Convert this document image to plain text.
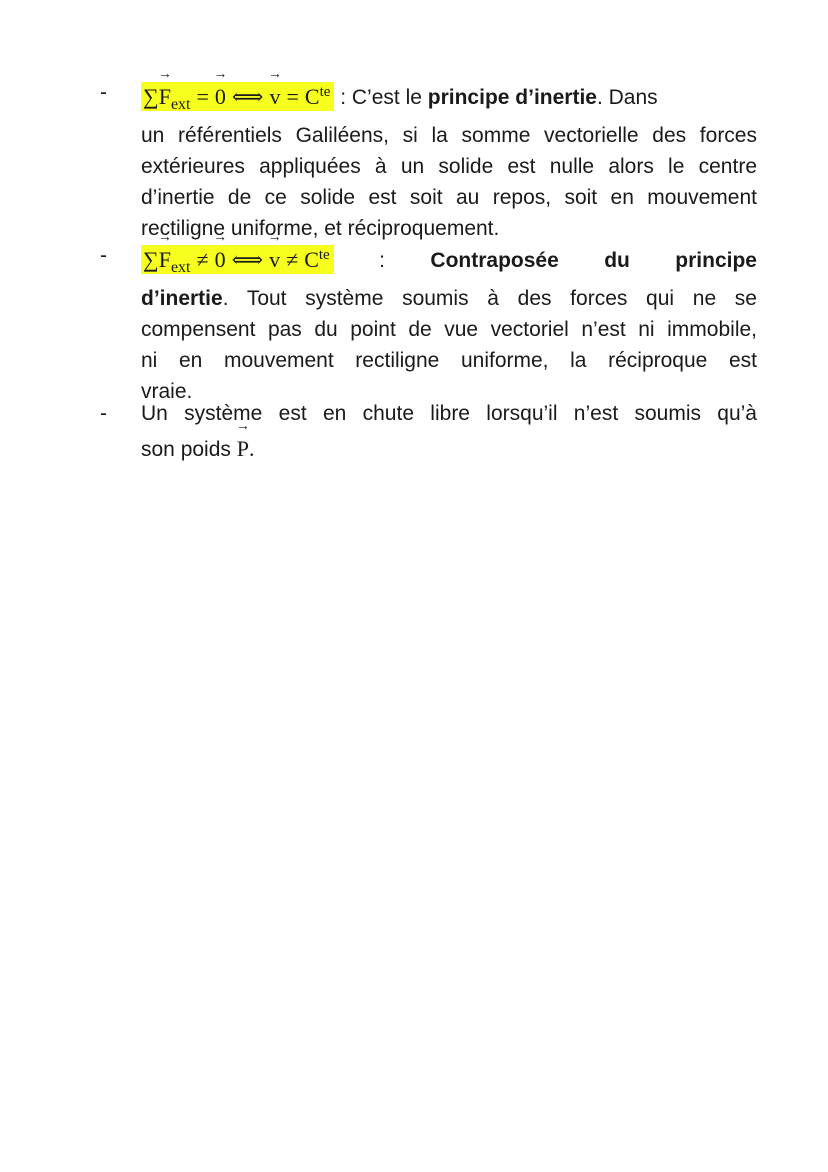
- ∑→ $F_{ext} =\to 0$ ⟺→ $v = C^{te}$ : C’est le principe d’inertie. Dans
un référentiels Galiléens, si la somme vectorielle des forces
extérieures appliquées à un solide est nulle alors le centre
d’inertie de ce solide est soit au repos, soit en mouvement
rectiligne uniforme, et réciproquement.
- ∑→ $F_{ext} \ne\to 0$ ⟺→ $v \ne C^{te}$ : Contraposée du principe
d’inertie. Tout système soumis à des forces qui ne se
compensent pas du point de vue vectoriel n’est ni immobile,
ni en mouvement rectiligne uniforme, la réciproque est
vraie.
- Un système est en chute libre lorsqu’il n’est soumis qu’à
son poids → P.
